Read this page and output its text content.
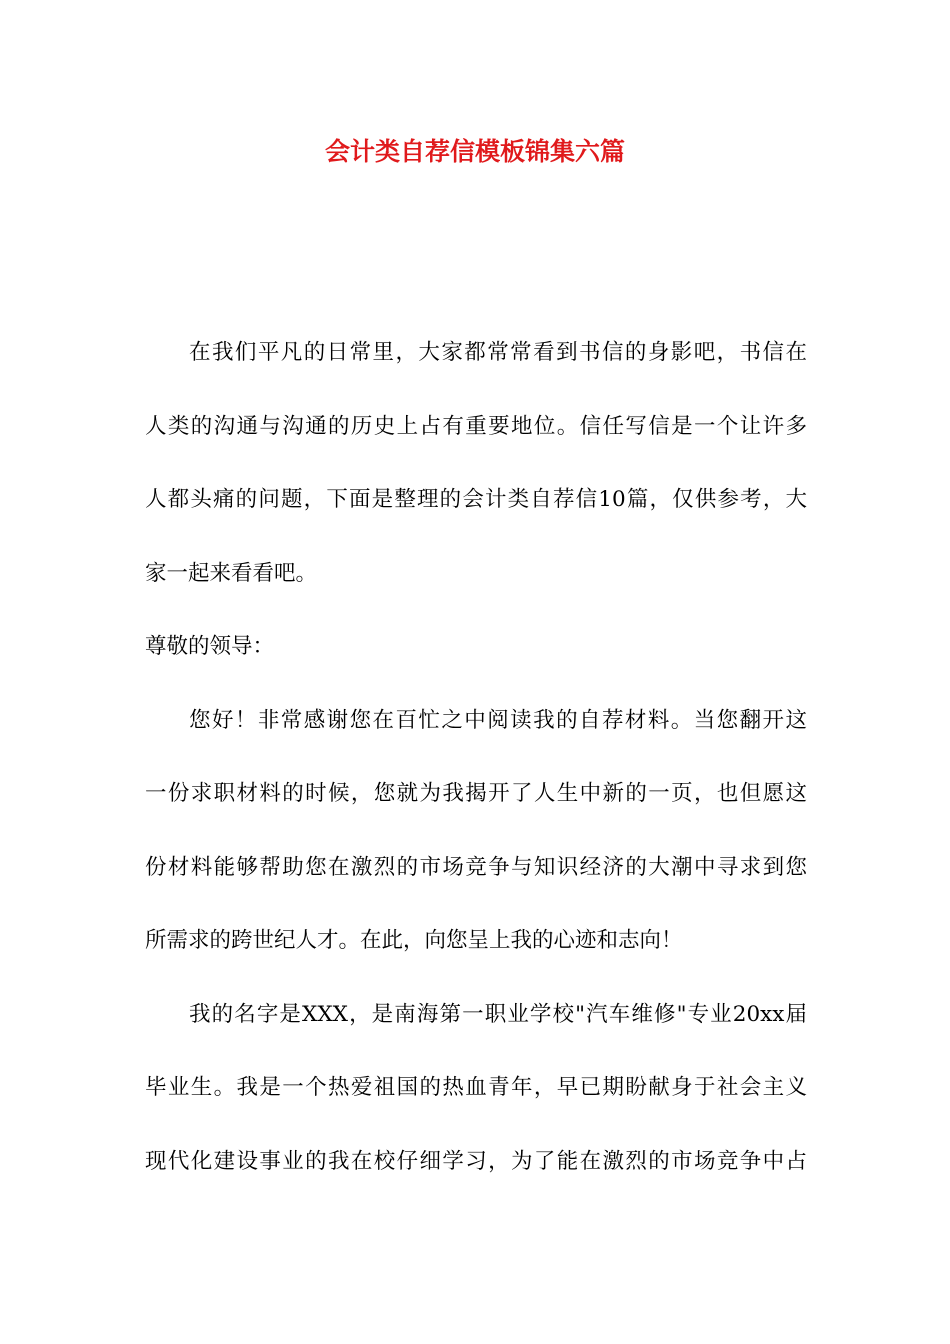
会计类自荐信模板锦集六篇
在我们平凡的日常里，大家都常常看到书信的身影吧，书信在
人类的沟通与沟通的历史上占有重要地位。信任写信是一个让许多
人都头痛的问题，下面是整理的会计类自荐信10篇，仅供参考，大
家一起来看看吧。
尊敬的领导：
您好！非常感谢您在百忙之中阅读我的自荐材料。当您翻开这
一份求职材料的时候，您就为我揭开了人生中新的一页，也但愿这
份材料能够帮助您在激烈的市场竞争与知识经济的大潮中寻求到您
所需求的跨世纪人才。在此，向您呈上我的心迹和志向！
我的名字是XXX，是南海第一职业学校"汽车维修"专业20xx届
毕业生。我是一个热爱祖国的热血青年，早已期盼献身于社会主义
现代化建设事业的我在校仔细学习，为了能在激烈的市场竞争中占
